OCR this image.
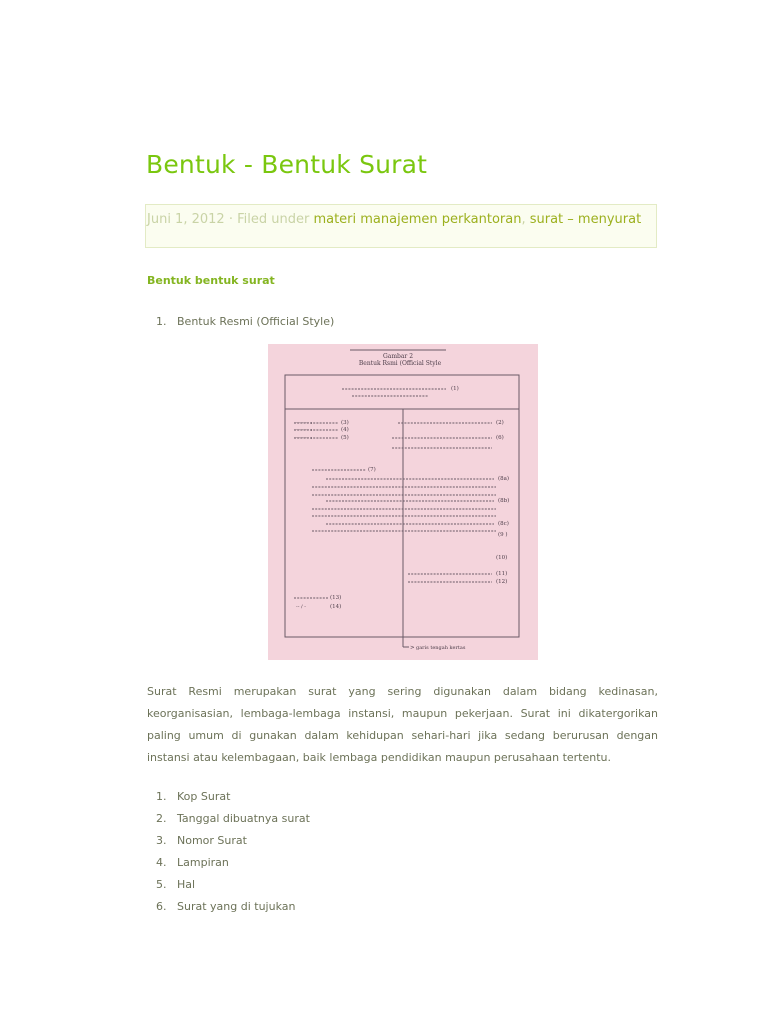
Bentuk - Bentuk Surat
Juni 1, 2012 · Filed under materi manajemen perkantoran, surat – menyurat
Bentuk bentuk surat
1. Bentuk Resmi (Official Style)
Gambar 2
Bentuk Rsmi (Official Style
---------- :
---------- :
---------- :
-- / -
(1)
(2)
(3)
(4)
(5)	(6)
(7)
(8a)
(8b)
(8c)
(9 )
(10)
(11)
(12)
(13)
(14)
> garis tengah kertas

Surat Resmi merupakan surat yang sering digunakan dalam bidang kedinasan, keorganisasian, lembaga-lembaga instansi, maupun pekerjaan. Surat ini dikatergorikan paling umum di gunakan dalam kehidupan sehari-hari jika sedang berurusan dengan instansi atau kelembagaan, baik lembaga pendidikan maupun perusahaan tertentu.

1. Kop Surat
2. Tanggal dibuatnya surat
3. Nomor Surat
4. Lampiran
5. Hal
6. Surat yang di tujukan
